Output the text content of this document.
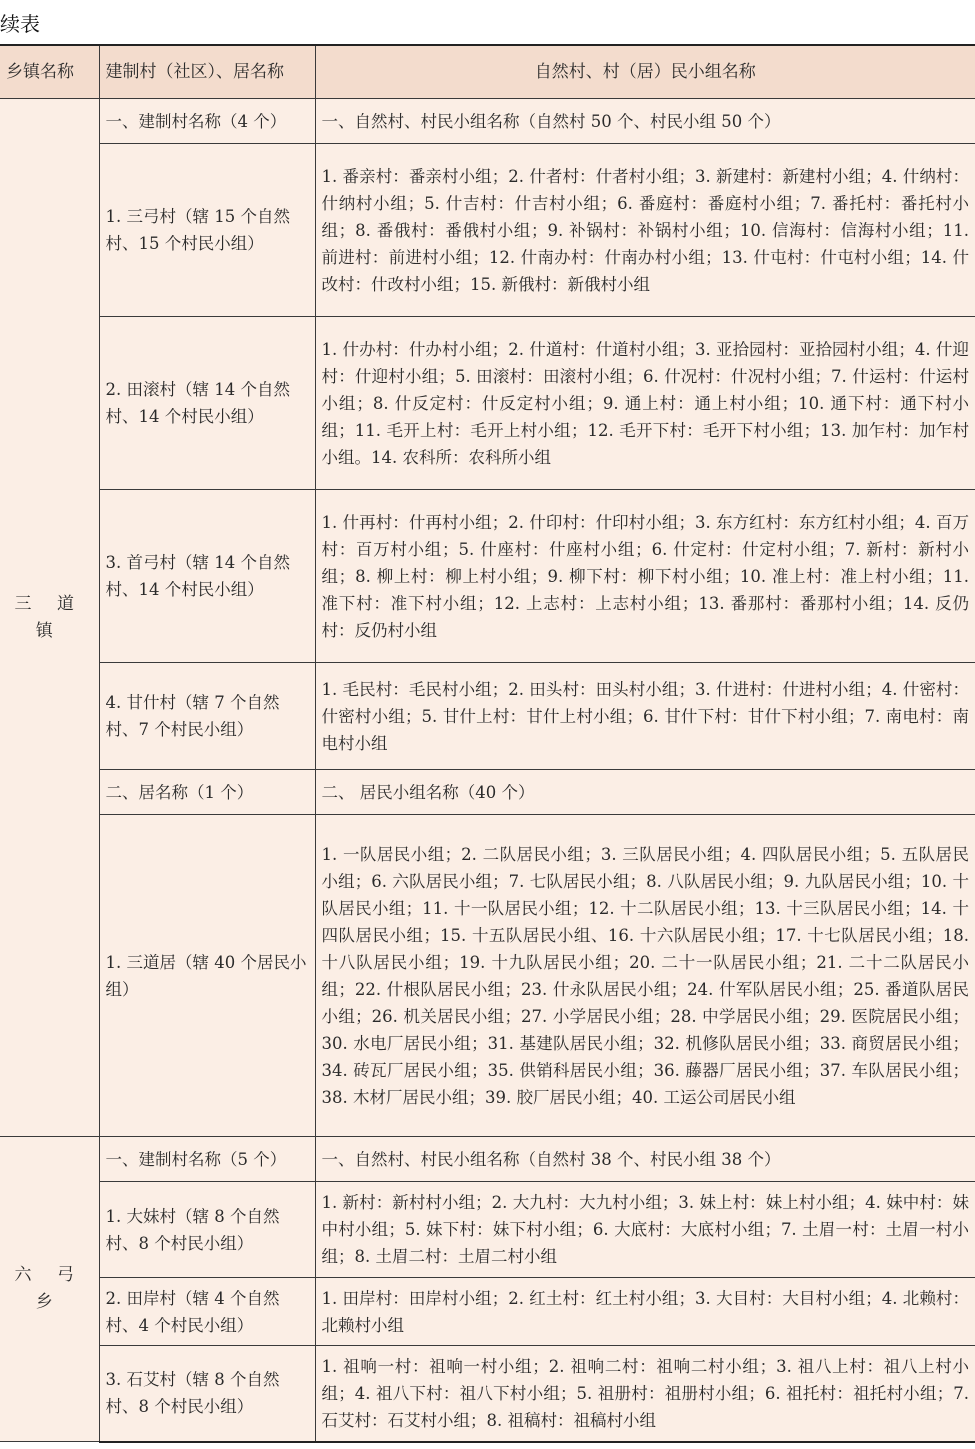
续表
乡镇名称	建制村（社区）、居名称	自然村、村（居）民小组名称
三 道 镇	一、建制村名称（4 个）	一、自然村、村民小组名称（自然村 50 个、村民小组 50 个）
	1. 三弓村（辖 15 个自然村、15 个村民小组）	1. 番亲村：番亲村小组；2. 什者村：什者村小组；3. 新建村：新建村小组；4. 什纳村：什纳村小组；5. 什吉村：什吉村小组；6. 番庭村：番庭村小组；7. 番托村：番托村小组；8. 番俄村：番俄村小组；9. 补锅村：补锅村小组；10. 信海村：信海村小组；11. 前进村：前进村小组；12. 什南办村：什南办村小组；13. 什屯村：什屯村小组；14. 什改村：什改村小组；15. 新俄村：新俄村小组
	2. 田滚村（辖 14 个自然村、14 个村民小组）	1. 什办村：什办村小组；2. 什道村：什道村小组；3. 亚拾园村：亚拾园村小组；4. 什迎村：什迎村小组；5. 田滚村：田滚村小组；6. 什况村：什况村小组；7. 什运村：什运村小组；8. 什反定村：什反定村小组；9. 通上村：通上村小组；10. 通下村：通下村小组；11. 毛开上村：毛开上村小组；12. 毛开下村：毛开下村小组；13. 加乍村：加乍村小组。14. 农科所：农科所小组
	3. 首弓村（辖 14 个自然村、14 个村民小组）	1. 什再村：什再村小组；2. 什印村：什印村小组；3. 东方红村：东方红村小组；4. 百万村：百万村小组；5. 什座村：什座村小组；6. 什定村：什定村小组；7. 新村：新村小组；8. 柳上村：柳上村小组；9. 柳下村：柳下村小组；10. 准上村：准上村小组；11. 准下村：准下村小组；12. 上志村：上志村小组；13. 番那村：番那村小组；14. 反仍村：反仍村小组
	4. 甘什村（辖 7 个自然村、7 个村民小组）	1. 毛民村：毛民村小组；2. 田头村：田头村小组；3. 什进村：什进村小组；4. 什密村：什密村小组；5. 甘什上村：甘什上村小组；6. 甘什下村：甘什下村小组；7. 南电村：南电村小组
	二、居名称（1 个）	二、 居民小组名称（40 个）
	1. 三道居（辖 40 个居民小组）	1. 一队居民小组；2. 二队居民小组；3. 三队居民小组；4. 四队居民小组；5. 五队居民小组；6. 六队居民小组；7. 七队居民小组；8. 八队居民小组；9. 九队居民小组；10. 十队居民小组；11. 十一队居民小组；12. 十二队居民小组；13. 十三队居民小组；14. 十四队居民小组；15. 十五队居民小组、16. 十六队居民小组；17. 十七队居民小组；18. 十八队居民小组；19. 十九队居民小组；20. 二十一队居民小组；21. 二十二队居民小组；22. 什根队居民小组；23. 什永队居民小组；24. 什军队居民小组；25. 番道队居民小组；26. 机关居民小组；27. 小学居民小组；28. 中学居民小组；29. 医院居民小组；30. 水电厂居民小组；31. 基建队居民小组；32. 机修队居民小组；33. 商贸居民小组；34. 砖瓦厂居民小组；35. 供销科居民小组；36. 藤器厂居民小组；37. 车队居民小组；38. 木材厂居民小组；39. 胶厂居民小组；40. 工运公司居民小组
六 弓 乡	一、建制村名称（5 个）	一、自然村、村民小组名称（自然村 38 个、村民小组 38 个）
	1. 大妹村（辖 8 个自然村、8 个村民小组）	1. 新村：新村村小组；2. 大九村：大九村小组；3. 妹上村：妹上村小组；4. 妹中村：妹中村小组；5. 妹下村：妹下村小组；6. 大底村：大底村小组；7. 土眉一村：土眉一村小组；8. 土眉二村：土眉二村小组
	2. 田岸村（辖 4 个自然村、4 个村民小组）	1. 田岸村：田岸村小组；2. 红土村：红土村小组；3. 大目村：大目村小组；4. 北赖村：北赖村小组
	3. 石艾村（辖 8 个自然村、8 个村民小组）	1. 祖响一村：祖响一村小组；2. 祖响二村：祖响二村小组；3. 祖八上村：祖八上村小组；4. 祖八下村：祖八下村小组；5. 祖册村：祖册村小组；6. 祖托村：祖托村小组；7. 石艾村：石艾村小组；8. 祖稿村：祖稿村小组
